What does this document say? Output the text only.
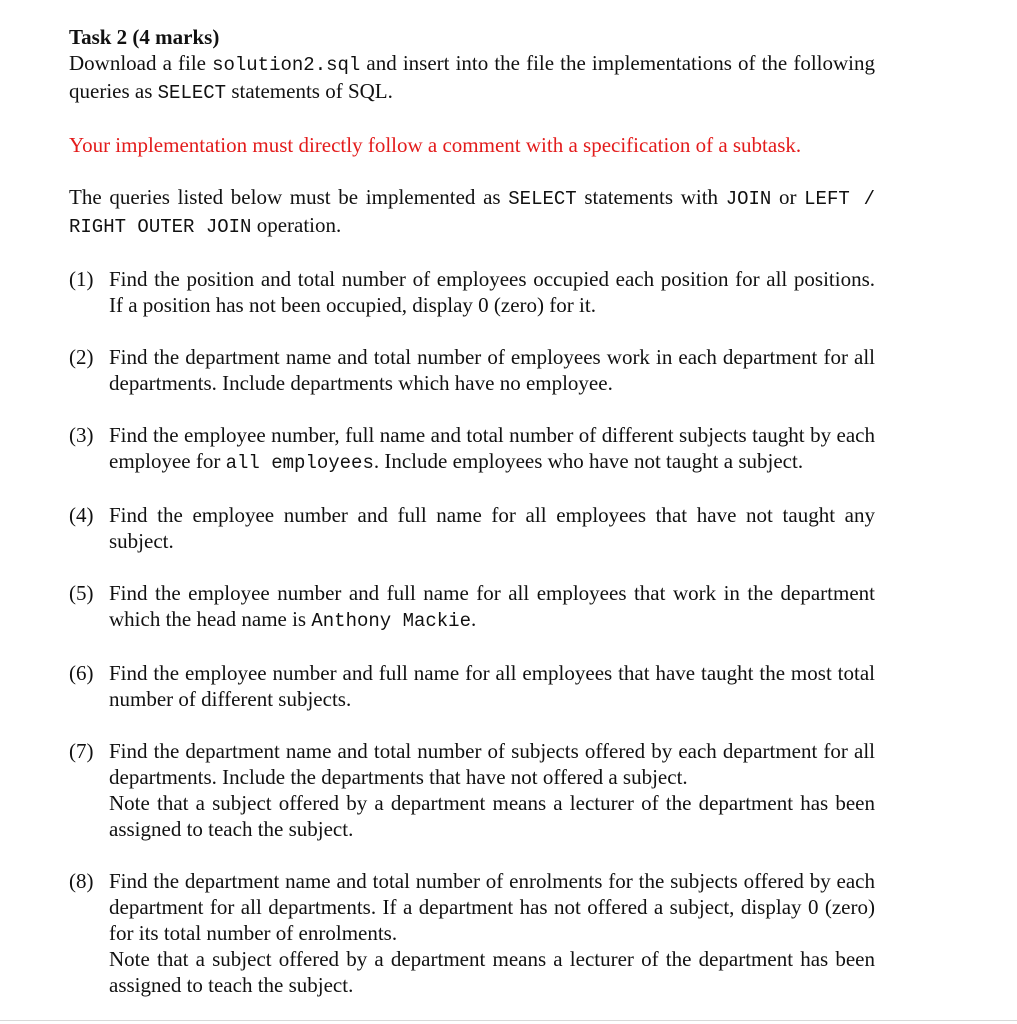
Task 2 (4 marks)

Download a file solution2.sql and insert into the file the implementations of the following queries as SELECT statements of SQL.

Your implementation must directly follow a comment with a specification of a subtask.

The queries listed below must be implemented as SELECT statements with JOIN or LEFT / RIGHT OUTER JOIN operation.

(1) Find the position and total number of employees occupied each position for all positions. If a position has not been occupied, display 0 (zero) for it.
(2) Find the department name and total number of employees work in each department for all departments. Include departments which have no employee.
(3) Find the employee number, full name and total number of different subjects taught by each employee for all employees. Include employees who have not taught a subject.
(4) Find the employee number and full name for all employees that have not taught any subject.
(5) Find the employee number and full name for all employees that work in the department which the head name is Anthony Mackie.
(6) Find the employee number and full name for all employees that have taught the most total number of different subjects.
(7) Find the department name and total number of subjects offered by each department for all departments. Include the departments that have not offered a subject.

Note that a subject offered by a department means a lecturer of the department has been assigned to teach the subject.

(8) Find the department name and total number of enrolments for the subjects offered by each department for all departments. If a department has not offered a subject, display 0 (zero) for its total number of enrolments.

Note that a subject offered by a department means a lecturer of the department has been assigned to teach the subject.
